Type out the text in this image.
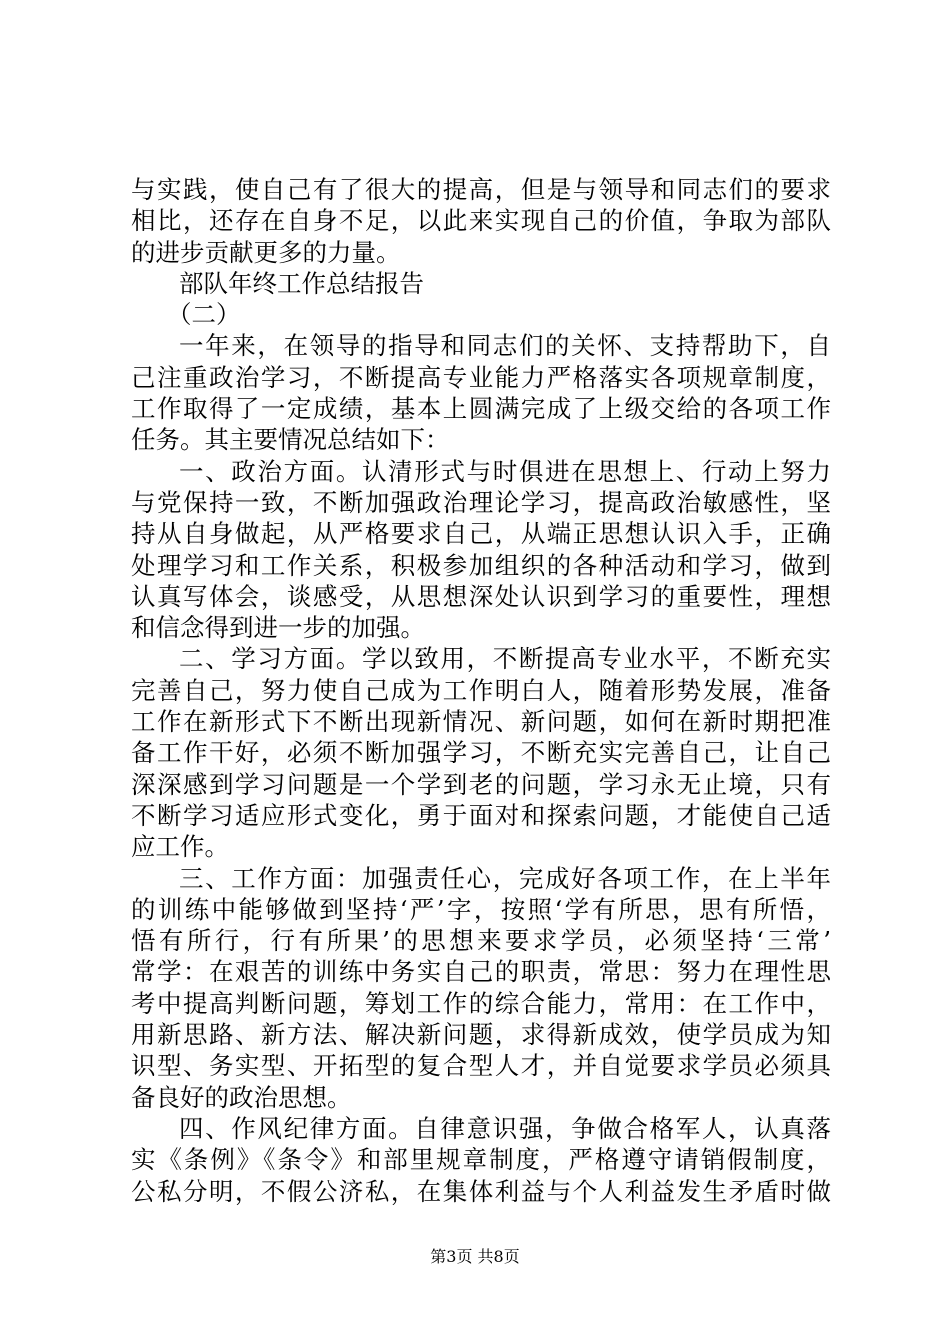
与实践，使自己有了很大的提高，但是与领导和同志们的要求
相比，还存在自身不足，以此来实现自己的价值，争取为部队
的进步贡献更多的力量。
部队年终工作总结报告
（二）
一年来，在领导的指导和同志们的关怀、支持帮助下，自
己注重政治学习，不断提高专业能力严格落实各项规章制度，
工作取得了一定成绩，基本上圆满完成了上级交给的各项工作
任务。其主要情况总结如下：
一、政治方面。认清形式与时俱进在思想上、行动上努力
与党保持一致，不断加强政治理论学习，提高政治敏感性，坚
持从自身做起，从严格要求自己，从端正思想认识入手，正确
处理学习和工作关系，积极参加组织的各种活动和学习，做到
认真写体会，谈感受，从思想深处认识到学习的重要性，理想
和信念得到进一步的加强。
二、学习方面。学以致用，不断提高专业水平，不断充实
完善自己，努力使自己成为工作明白人，随着形势发展，准备
工作在新形式下不断出现新情况、新问题，如何在新时期把准
备工作干好，必须不断加强学习，不断充实完善自己，让自己
深深感到学习问题是一个学到老的问题，学习永无止境，只有
不断学习适应形式变化，勇于面对和探索问题，才能使自己适
应工作。
三、工作方面：加强责任心，完成好各项工作，在上半年
的训练中能够做到坚持‘严’字，按照‘学有所思，思有所悟，
悟有所行，行有所果’的思想来要求学员，必须坚持‘三常’
常学：在艰苦的训练中务实自己的职责，常思：努力在理性思
考中提高判断问题，筹划工作的综合能力，常用：在工作中，
用新思路、新方法、解决新问题，求得新成效，使学员成为知
识型、务实型、开拓型的复合型人才，并自觉要求学员必须具
备良好的政治思想。
四、作风纪律方面。自律意识强，争做合格军人，认真落
实《条例》《条令》和部里规章制度，严格遵守请销假制度，
公私分明，不假公济私，在集体利益与个人利益发生矛盾时做
第3页 共8页
